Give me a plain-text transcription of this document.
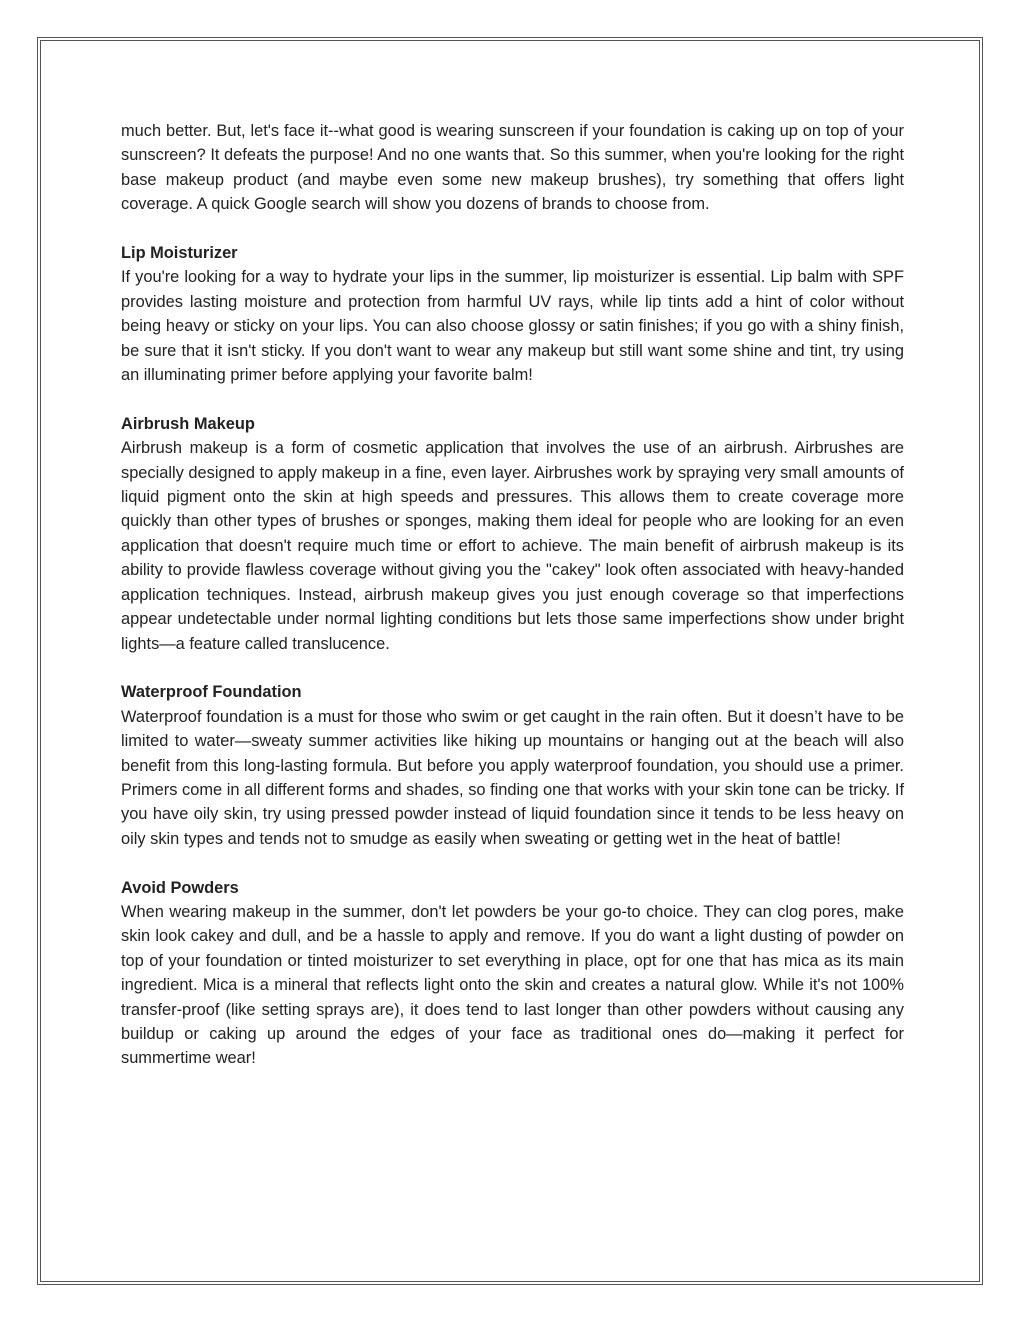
much better. But, let's face it--what good is wearing sunscreen if your foundation is caking up on top of your sunscreen? It defeats the purpose! And no one wants that. So this summer, when you're looking for the right base makeup product (and maybe even some new makeup brushes), try something that offers light coverage. A quick Google search will show you dozens of brands to choose from.

Lip Moisturizer

If you're looking for a way to hydrate your lips in the summer, lip moisturizer is essential. Lip balm with SPF provides lasting moisture and protection from harmful UV rays, while lip tints add a hint of color without being heavy or sticky on your lips. You can also choose glossy or satin finishes; if you go with a shiny finish, be sure that it isn't sticky. If you don't want to wear any makeup but still want some shine and tint, try using an illuminating primer before applying your favorite balm!

Airbrush Makeup

Airbrush makeup is a form of cosmetic application that involves the use of an airbrush. Airbrushes are specially designed to apply makeup in a fine, even layer. Airbrushes work by spraying very small amounts of liquid pigment onto the skin at high speeds and pressures. This allows them to create coverage more quickly than other types of brushes or sponges, making them ideal for people who are looking for an even application that doesn't require much time or effort to achieve. The main benefit of airbrush makeup is its ability to provide flawless coverage without giving you the "cakey" look often associated with heavy-handed application techniques. Instead, airbrush makeup gives you just enough coverage so that imperfections appear undetectable under normal lighting conditions but lets those same imperfections show under bright lights—a feature called translucence.

Waterproof Foundation

Waterproof foundation is a must for those who swim or get caught in the rain often. But it doesn’t have to be limited to water—sweaty summer activities like hiking up mountains or hanging out at the beach will also benefit from this long-lasting formula. But before you apply waterproof foundation, you should use a primer. Primers come in all different forms and shades, so finding one that works with your skin tone can be tricky. If you have oily skin, try using pressed powder instead of liquid foundation since it tends to be less heavy on oily skin types and tends not to smudge as easily when sweating or getting wet in the heat of battle!

Avoid Powders

When wearing makeup in the summer, don't let powders be your go-to choice. They can clog pores, make skin look cakey and dull, and be a hassle to apply and remove. If you do want a light dusting of powder on top of your foundation or tinted moisturizer to set everything in place, opt for one that has mica as its main ingredient. Mica is a mineral that reflects light onto the skin and creates a natural glow. While it's not 100% transfer-proof (like setting sprays are), it does tend to last longer than other powders without causing any buildup or caking up around the edges of your face as traditional ones do—making it perfect for summertime wear!
